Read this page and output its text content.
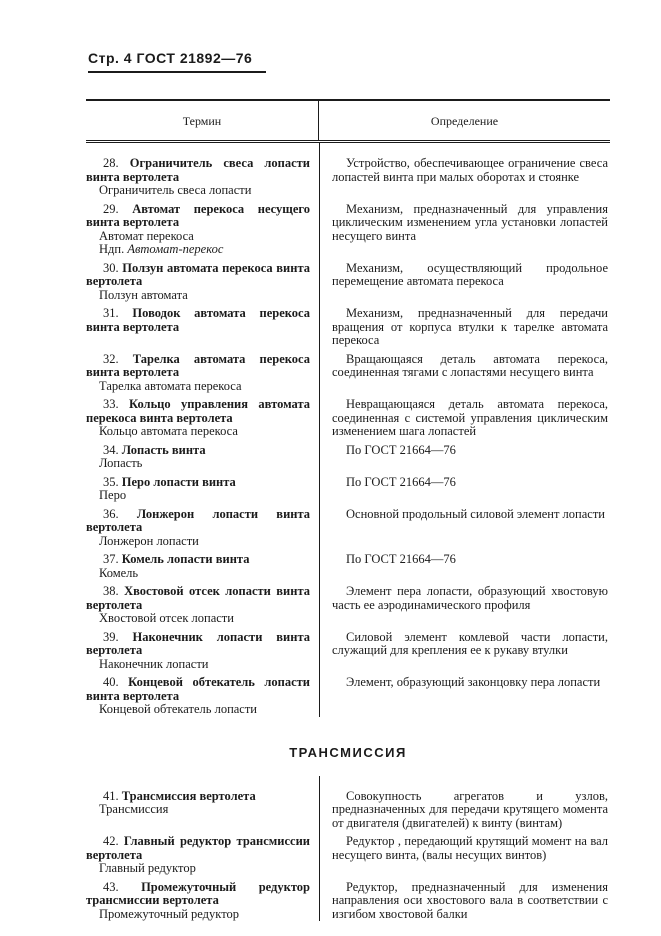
Стр. 4 ГОСТ 21892—76
Термин	Определение

28. Ограничитель свеса лопасти винта вертолета

Ограничитель свеса лопасти

Устройство, обеспечивающее ограничение свеса лопастей винта при малых оборотах и стоянке

29. Автомат перекоса несущего винта вертолета

Автомат перекоса

Ндп. Автомат-перекос

Механизм, предназначенный для управления циклическим изменением угла установки лопастей несущего винта

30. Ползун автомата перекоса винта вертолета

Ползун автомата

Механизм, осуществляющий продольное перемещение автомата перекоса

31. Поводок автомата перекоса винта вертолета

Механизм, предназначенный для передачи вращения от корпуса втулки к тарелке автомата перекоса

32. Тарелка автомата перекоса винта вертолета

Тарелка автомата перекоса

Вращающаяся деталь автомата перекоса, соединенная тягами с лопастями несущего винта

33. Кольцо управления автомата перекоса винта вертолета

Кольцо автомата перекоса

Невращающаяся деталь автомата перекоса, соединенная с системой управления циклическим изменением шага лопастей

34. Лопасть винта

Лопасть

По ГОСТ 21664—76

35. Перо лопасти винта

Перо

По ГОСТ 21664—76

36. Лонжерон лопасти винта вертолета

Лонжерон лопасти

Основной продольный силовой элемент лопасти

37. Комель лопасти винта

Комель

По ГОСТ 21664—76

38. Хвостовой отсек лопасти винта вертолета

Хвостовой отсек лопасти

Элемент пера лопасти, образующий хвостовую часть ее аэродинамического профиля

39. Наконечник лопасти винта вертолета

Наконечник лопасти

Силовой элемент комлевой части лопасти, служащий для крепления ее к рукаву втулки

40. Концевой обтекатель лопасти винта вертолета

Концевой обтекатель лопасти

Элемент, образующий законцовку пера лопасти

ТРАНСМИССИЯ

41. Трансмиссия вертолета

Трансмиссия

Совокупность агрегатов и узлов, предназначенных для передачи крутящего момента от двигателя (двигателей) к винту (винтам)

42. Главный редуктор трансмиссии вертолета

Главный редуктор

Редуктор , передающий крутящий момент на вал несущего винта, (валы несущих винтов)

43. Промежуточный редуктор трансмиссии вертолета

Промежуточный редуктор

Редуктор, предназначенный для изменения направления оси хвостового вала в соответствии с изгибом хвостовой балки
